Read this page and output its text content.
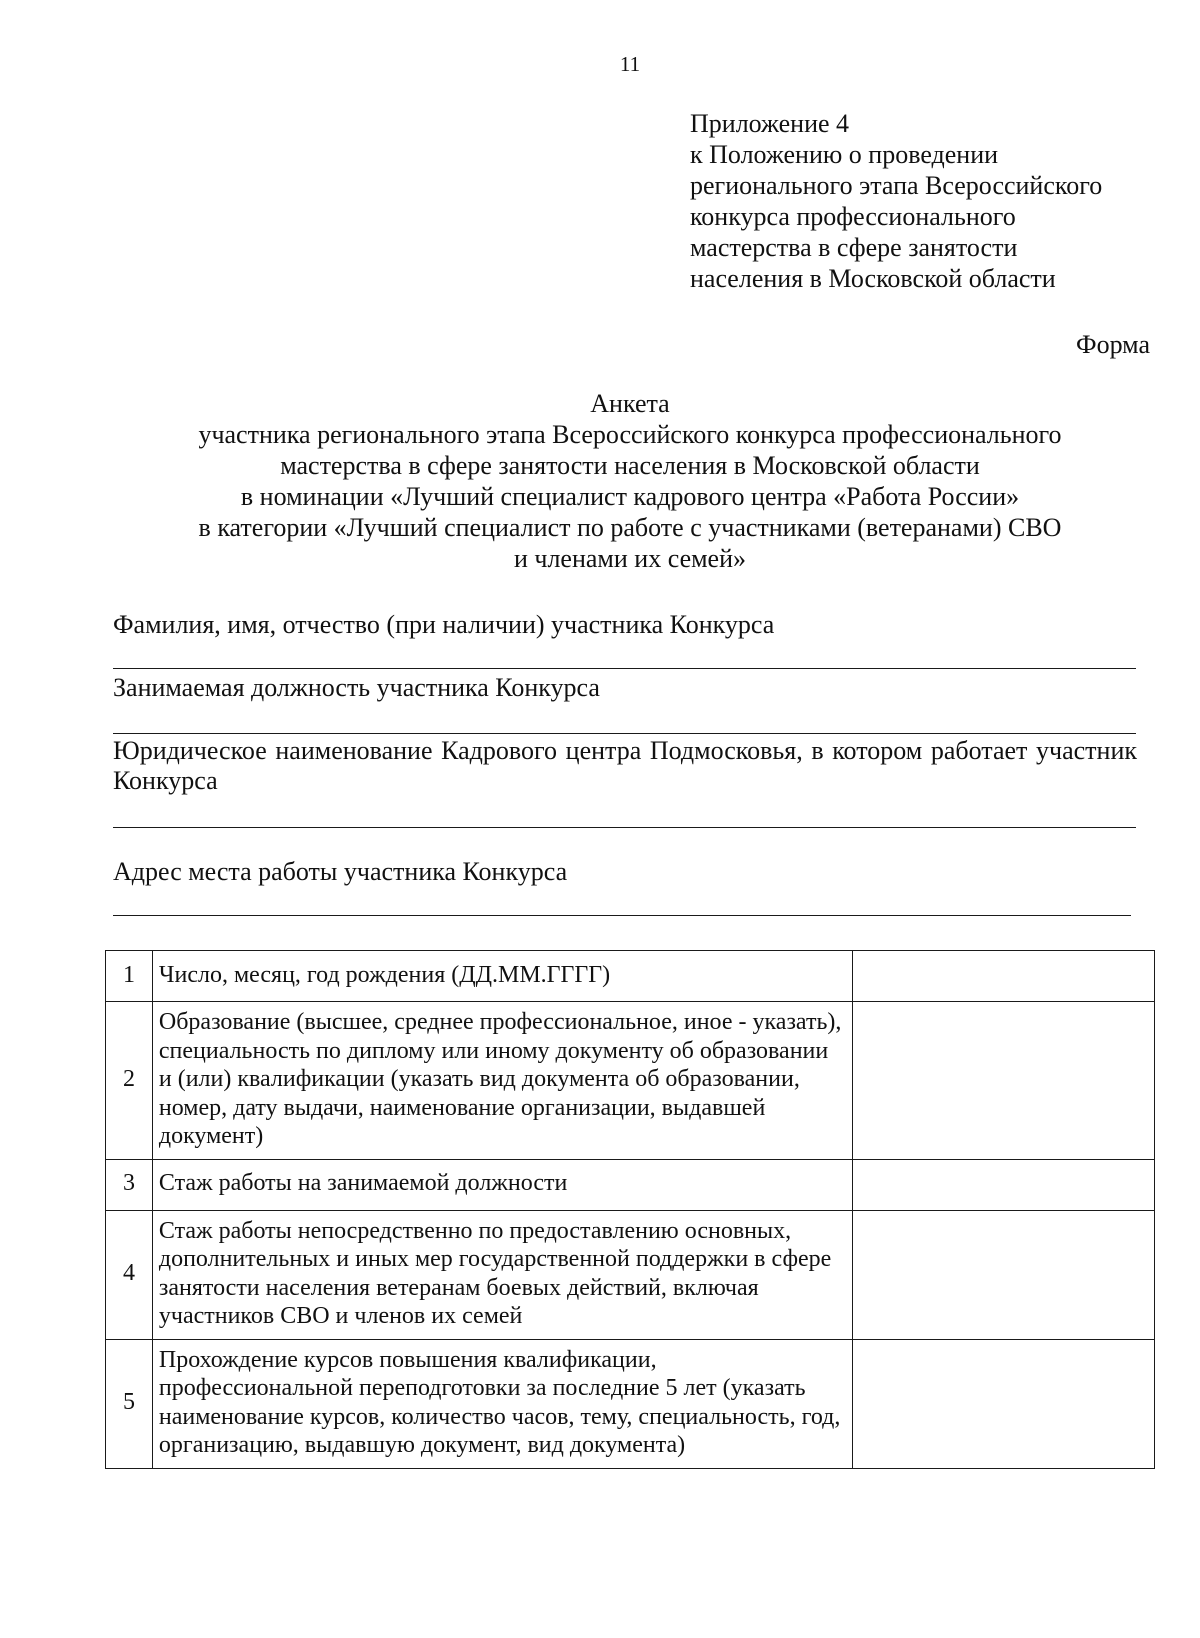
11
Приложение 4
к Положению о проведении
регионального этапа Всероссийского
конкурса профессионального
мастерства в сфере занятости
населения в Московской области
Форма
Анкета
участника регионального этапа Всероссийского конкурса профессионального
мастерства в сфере занятости населения в Московской области
в номинации «Лучший специалист кадрового центра «Работа России»
в категории «Лучший специалист по работе с участниками (ветеранами) СВО
и членами их семей»
Фамилия, имя, отчество (при наличии) участника Конкурса
Занимаемая должность участника Конкурса
Юридическое наименование Кадрового центра Подмосковья, в котором работает участник Конкурса
Адрес места работы участника Конкурса
1	Число, месяц, год рождения (ДД.ММ.ГГГГ)	
2	Образование (высшее, среднее профессиональное, иное - указать), специальность по диплому или иному документу об образовании и (или) квалификации (указать вид документа об образовании, номер, дату выдачи, наименование организации, выдавшей документ)	
3	Стаж работы на занимаемой должности	
4	Стаж работы непосредственно по предоставлению основных, дополнительных и иных мер государственной поддержки в сфере занятости населения ветеранам боевых действий, включая участников СВО и членов их семей	
5	Прохождение курсов повышения квалификации, профессиональной переподготовки за последние 5 лет (указать наименование курсов, количество часов, тему, специальность, год, организацию, выдавшую документ, вид документа)	
